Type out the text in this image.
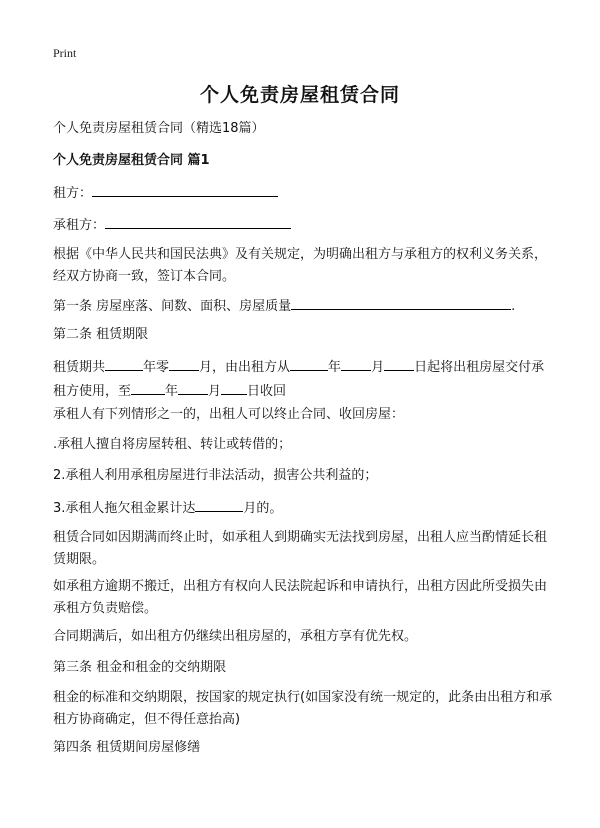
Print
个人免责房屋租赁合同
个人免责房屋租赁合同（精选18篇）
个人免责房屋租赁合同 篇1
租方：
承租方：
根据《中华人民共和国民法典》及有关规定，为明确出租方与承租方的权利义务关系，经双方协商一致，签订本合同。
第一条 房屋座落、间数、面积、房屋质量	.
第二条 租赁期限
租赁期共	年零 月，由出租方从	年 月 日起将出租房屋交付承租方使用，至	年 月 日收回
承租人有下列情形之一的，出租人可以终止合同、收回房屋：
.承租人擅自将房屋转租、转让或转借的；
2.承租人利用承租房屋进行非法活动，损害公共利益的；
3.承租人拖欠租金累计达	月的。
租赁合同如因期满而终止时，如承租人到期确实无法找到房屋，出租人应当酌情延长租赁期限。
如承租方逾期不搬迁，出租方有权向人民法院起诉和申请执行，出租方因此所受损失由承租方负责赔偿。
合同期满后，如出租方仍继续出租房屋的，承租方享有优先权。
第三条 租金和租金的交纳期限
租金的标准和交纳期限，按国家的规定执行(如国家没有统一规定的，此条由出租方和承租方协商确定，但不得任意抬高)
第四条 租赁期间房屋修缮
